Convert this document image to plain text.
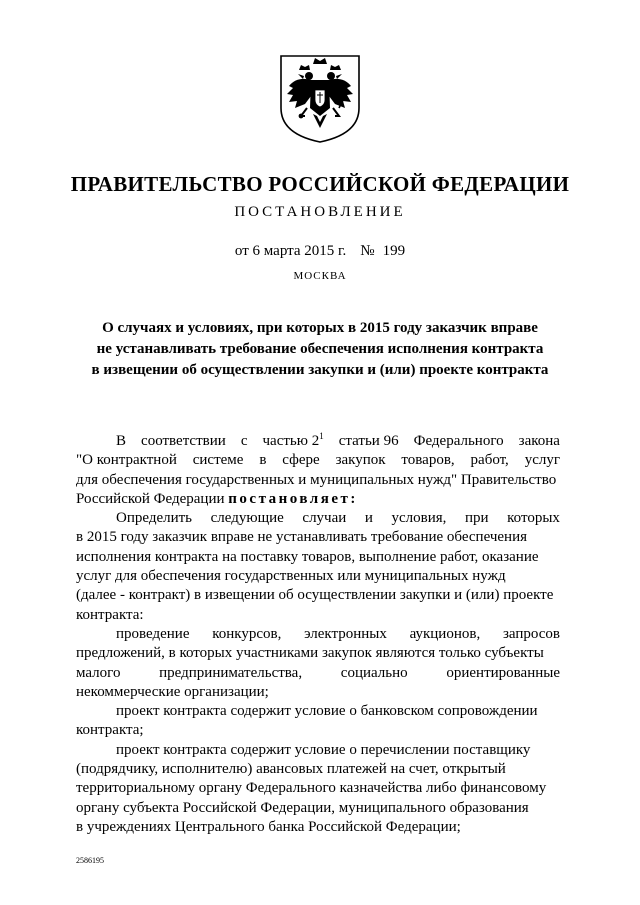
ПРАВИТЕЛЬСТВО РОССИЙСКОЙ ФЕДЕРАЦИИ
ПОСТАНОВЛЕНИЕ
от 6 марта 2015 г. № 199
МОСКВА
О случаях и условиях, при которых в 2015 году заказчик вправе
не устанавливать требование обеспечения исполнения контракта
в извещении об осуществлении закупки и (или) проекте контракта
В соответствии с частью $2^1$ статьи 96 Федерального закона
"О контрактной системе в сфере закупок товаров, работ, услуг
для обеспечения государственных и муниципальных нужд" Правительство
Российской Федерации постановляет:
Определить следующие случаи и условия, при которых
в 2015 году заказчик вправе не устанавливать требование обеспечения
исполнения контракта на поставку товаров, выполнение работ, оказание
услуг для обеспечения государственных или муниципальных нужд
(далее - контракт) в извещении об осуществлении закупки и (или) проекте
контракта:
проведение конкурсов, электронных аукционов, запросов
предложений, в которых участниками закупок являются только субъекты
малого	предпринимательства,	социально	ориентированные
некоммерческие организации;
проект контракта содержит условие о банковском сопровождении
контракта;
проект контракта содержит условие о перечислении поставщику
(подрядчику, исполнителю) авансовых платежей на счет, открытый
территориальному органу Федерального казначейства либо финансовому
органу субъекта Российской Федерации, муниципального образования
в учреждениях Центрального банка Российской Федерации;
2586195
